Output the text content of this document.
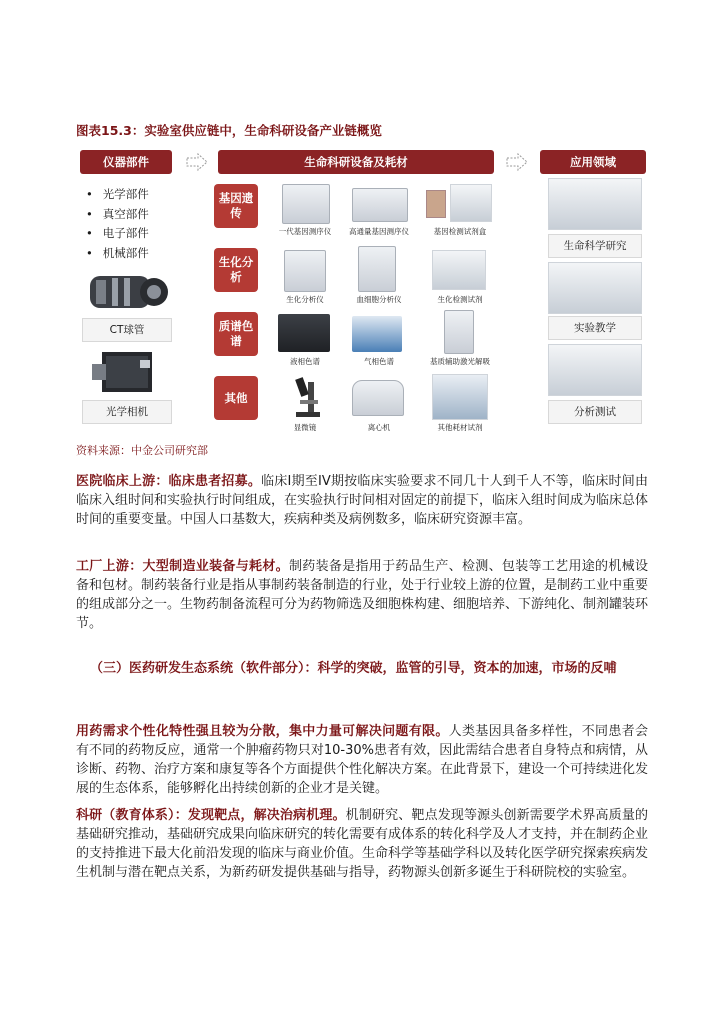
图表15.3：实验室供应链中，生命科研设备产业链概览
仪器部件	生命科研设备及耗材	应用领域
• 光学部件
• 真空部件
• 电子部件
• 机械部件
CT球管
光学相机
基因遗传
一代基因测序仪	高通量基因测序仪	基因检测试剂盒
生化分析
生化分析仪	血细胞分析仪	生化检测试剂
质谱色谱
液相色谱	气相色谱	基质辅助激光解吸
其他
显微镜	离心机	其他耗材试剂
生命科学研究
实验教学
分析测试
资料来源：中金公司研究部
医院临床上游：临床患者招募。临床I期至IV期按临床实验要求不同几十人到千人不等，临床时间由临床入组时间和实验执行时间组成，在实验执行时间相对固定的前提下，临床入组时间成为临床总体时间的重要变量。中国人口基数大，疾病种类及病例数多，临床研究资源丰富。
工厂上游：大型制造业装备与耗材。制药装备是指用于药品生产、检测、包装等工艺用途的机械设备和包材。制药装备行业是指从事制药装备制造的行业，处于行业较上游的位置，是制药工业中重要的组成部分之一。生物药制备流程可分为药物筛选及细胞株构建、细胞培养、下游纯化、制剂罐装环节。
（三）医药研发生态系统（软件部分）：科学的突破，监管的引导，资本的加速，市场的反哺
用药需求个性化特性强且较为分散，集中力量可解决问题有限。人类基因具备多样性，不同患者会有不同的药物反应，通常一个肿瘤药物只对10-30%患者有效，因此需结合患者自身特点和病情，从诊断、药物、治疗方案和康复等各个方面提供个性化解决方案。在此背景下，建设一个可持续进化发展的生态体系，能够孵化出持续创新的企业才是关键。
科研（教育体系）：发现靶点，解决治病机理。机制研究、靶点发现等源头创新需要学术界高质量的基础研究推动，基础研究成果向临床研究的转化需要有成体系的转化科学及人才支持，并在制药企业的支持推进下最大化前沿发现的临床与商业价值。生命科学等基础学科以及转化医学研究探索疾病发生机制与潜在靶点关系，为新药研发提供基础与指导，药物源头创新多诞生于科研院校的实验室。
